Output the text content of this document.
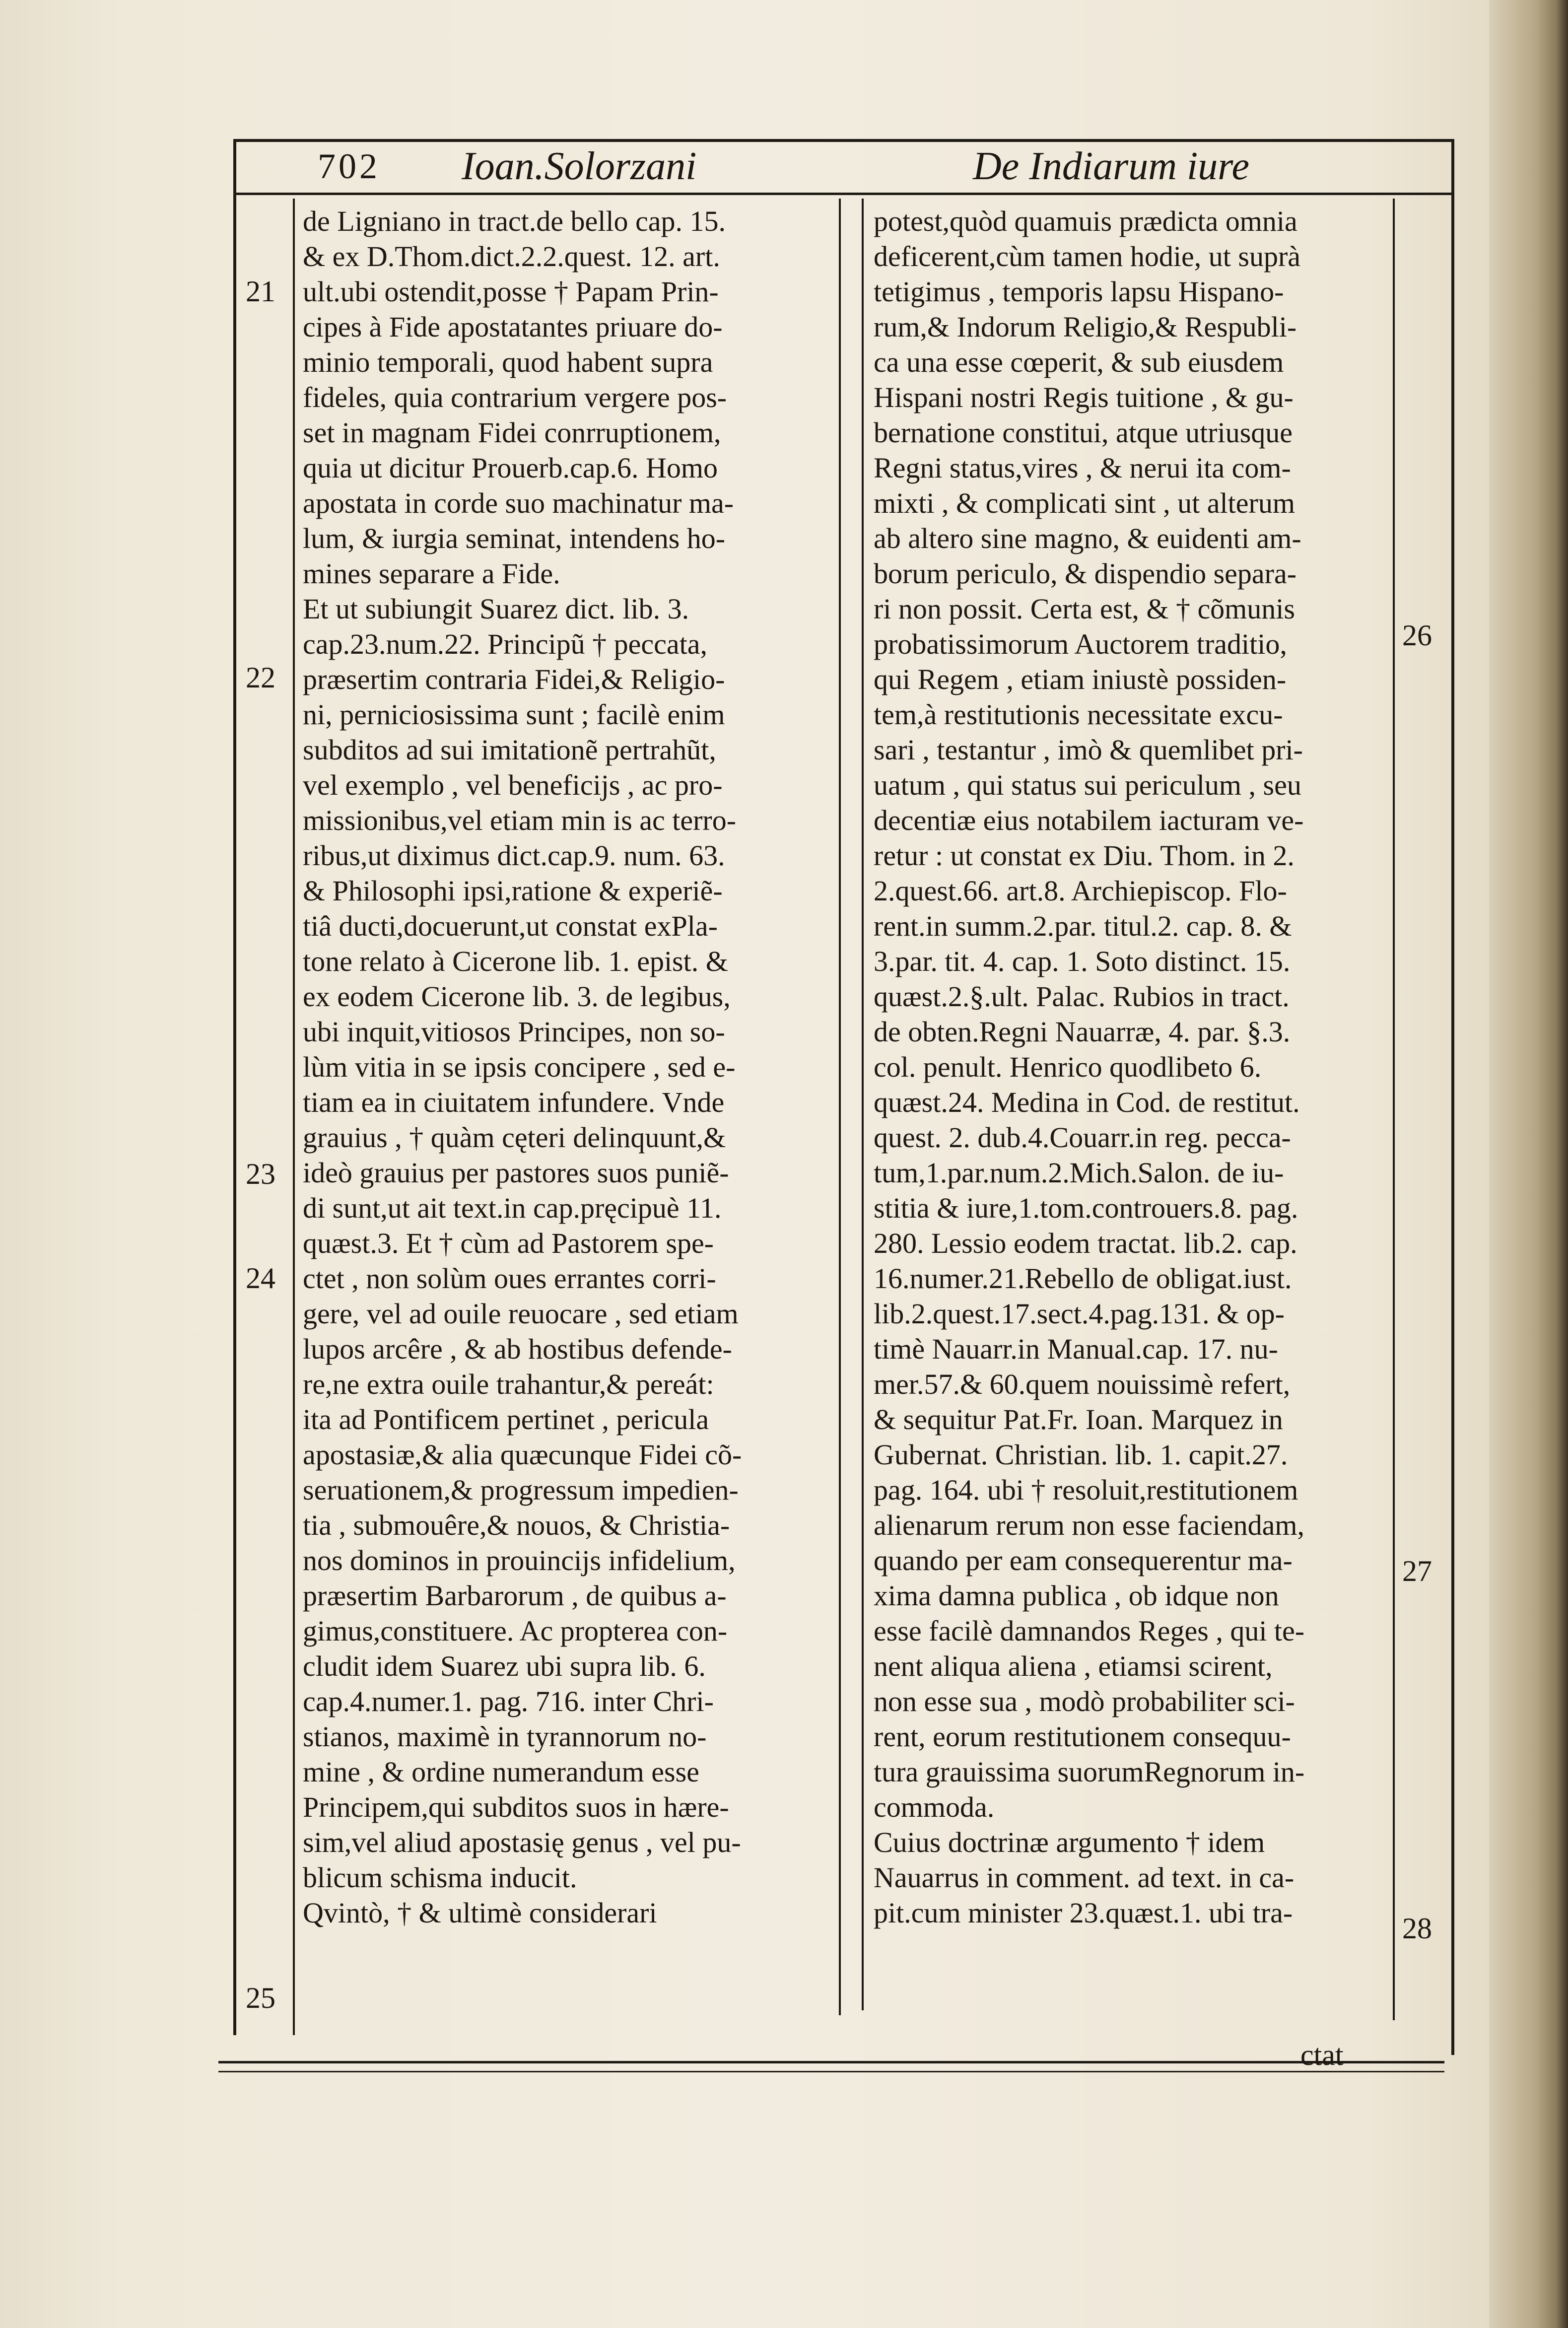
702 Ioan.Solorzani	De Indiarum iure
de Ligniano in tract.de bello cap. 15.
& ex D.Thom.dict.2.2.quest. 12. art.
ult.ubi ostendit,posse † Papam Prin-
cipes à Fide apostatantes priuare do-
minio temporali, quod habent supra
fideles, quia contrarium vergere pos-
set in magnam Fidei conrruptionem,
quia ut dicitur Prouerb.cap.6. Homo
apostata in corde suo machinatur ma-
lum, & iurgia seminat, intendens ho-
mines separare a Fide.
Et ut subiungit Suarez dict. lib. 3.
cap.23.num.22. Principũ † peccata,
præsertim contraria Fidei,& Religio-
ni, perniciosissima sunt ; facilè enim
subditos ad sui imitationẽ pertrahũt,
vel exemplo , vel beneficijs , ac pro-
missionibus,vel etiam min is ac terro-
ribus,ut diximus dict.cap.9. num. 63.
& Philosophi ipsi,ratione & experiẽ-
tiâ ducti,docuerunt,ut constat exPla-
tone relato à Cicerone lib. 1. epist. &
ex eodem Cicerone lib. 3. de legibus,
ubi inquit,vitiosos Principes, non so-
lùm vitia in se ipsis concipere , sed e-
tiam ea in ciuitatem infundere. Vnde
grauius , † quàm cęteri delinquunt,&
ideò grauius per pastores suos puniẽ-
di sunt,ut ait text.in cap.pręcipuè 11.
quæst.3. Et † cùm ad Pastorem spe-
ctet , non solùm oues errantes corri-
gere, vel ad ouile reuocare , sed etiam
lupos arcêre , & ab hostibus defende-
re,ne extra ouile trahantur,& pereát:
ita ad Pontificem pertinet , pericula
apostasiæ,& alia quæcunque Fidei cõ-
seruationem,& progressum impedien-
tia , submouêre,& nouos, & Christia-
nos dominos in prouincijs infidelium,
præsertim Barbarorum , de quibus a-
gimus,constituere. Ac propterea con-
cludit idem Suarez ubi supra lib. 6.
cap.4.numer.1. pag. 716. inter Chri-
stianos, maximè in tyrannorum no-
mine , & ordine numerandum esse
Principem,qui subditos suos in hære-
sim,vel aliud apostasię genus , vel pu-
blicum schisma inducit.
Qvintò, † & ultimè considerari
potest,quòd quamuis prædicta omnia
deficerent,cùm tamen hodie, ut suprà
tetigimus , temporis lapsu Hispano-
rum,& Indorum Religio,& Respubli-
ca una esse cœperit, & sub eiusdem
Hispani nostri Regis tuitione , & gu-
bernatione constitui, atque utriusque
Regni status,vires , & nerui ita com-
mixti , & complicati sint , ut alterum
ab altero sine magno, & euidenti am-
borum periculo, & dispendio separa-
ri non possit. Certa est, & † cõmunis
probatissimorum Auctorem traditio,
qui Regem , etiam iniustè possiden-
tem,à restitutionis necessitate excu-
sari , testantur , imò & quemlibet pri-
uatum , qui status sui periculum , seu
decentiæ eius notabilem iacturam ve-
retur : ut constat ex Diu. Thom. in 2.
2.quest.66. art.8. Archiepiscop. Flo-
rent.in summ.2.par. titul.2. cap. 8. &
3.par. tit. 4. cap. 1. Soto distinct. 15.
quæst.2.§.ult. Palac. Rubios in tract.
de obten.Regni Nauarræ, 4. par. §.3.
col. penult. Henrico quodlibeto 6.
quæst.24. Medina in Cod. de restitut.
quest. 2. dub.4.Couarr.in reg. pecca-
tum,1.par.num.2.Mich.Salon. de iu-
stitia & iure,1.tom.controuers.8. pag.
280. Lessio eodem tractat. lib.2. cap.
16.numer.21.Rebello de obligat.iust.
lib.2.quest.17.sect.4.pag.131. & op-
timè Nauarr.in Manual.cap. 17. nu-
mer.57.& 60.quem nouissimè refert,
& sequitur Pat.Fr. Ioan. Marquez in
Gubernat. Christian. lib. 1. capit.27.
pag. 164. ubi † resoluit,restitutionem
alienarum rerum non esse faciendam,
quando per eam consequerentur ma-
xima damna publica , ob idque non
esse facilè damnandos Reges , qui te-
nent aliqua aliena , etiamsi scirent,
non esse sua , modò probabiliter sci-
rent, eorum restitutionem consequu-
tura grauissima suorumRegnorum in-
commoda.
Cuius doctrinæ argumento † idem
Nauarrus in comment. ad text. in ca-
pit.cum minister 23.quæst.1. ubi tra-
21
22
23
24
25
26
27
28
ctat
